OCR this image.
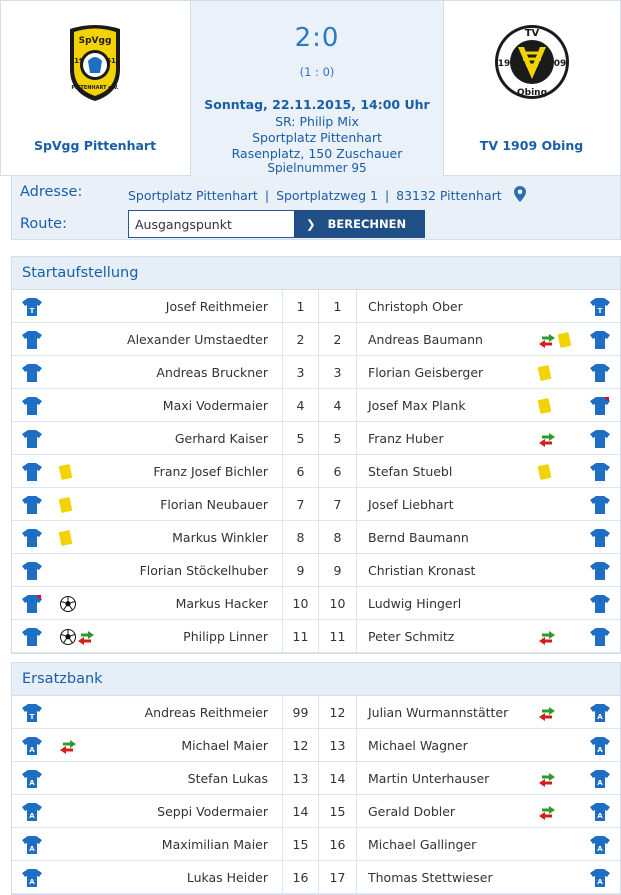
SpVgg
19	61
PITTENHART e.V.
SpVgg Pittenhart
2:0
(1 : 0)
Sonntag, 22.11.2015, 14:00 Uhr
SR: Philip Mix
Sportplatz Pittenhart
Rasenplatz, 150 Zuschauer
Spielnummer 95
TV
19	09
Obing
TV 1909 Obing
Adresse:	Sportplatz Pittenhart | Sportplatzweg 1 | 83132 Pittenhart
Route:
Ausgangspunkt	❯ BERECHNEN
Startaufstellung
T	Josef Reithmeier	1	1	Christoph Ober	T
Alexander Umstaedter	2	2	Andreas Baumann
Andreas Bruckner	3	3	Florian Geisberger
Maxi Vodermaier	4	4	Josef Max Plank
Gerhard Kaiser	5	5	Franz Huber
Franz Josef Bichler	6	6	Stefan Stuebl
Florian Neubauer	7	7	Josef Liebhart
Markus Winkler	8	8	Bernd Baumann
Florian Stöckelhuber	9	9	Christian Kronast
Markus Hacker	10	10	Ludwig Hingerl
Philipp Linner	11	11	Peter Schmitz
Ersatzbank
T	Andreas Reithmeier	99	12	Julian Wurmannstätter	A
A	Michael Maier	12	13	Michael Wagner	A
A	Stefan Lukas	13	14	Martin Unterhauser	A
A	Seppi Vodermaier	14	15	Gerald Dobler	A
A	Maximilian Maier	15	16	Michael Gallinger	A
A	Lukas Heider	16	17	Thomas Stettwieser	A
